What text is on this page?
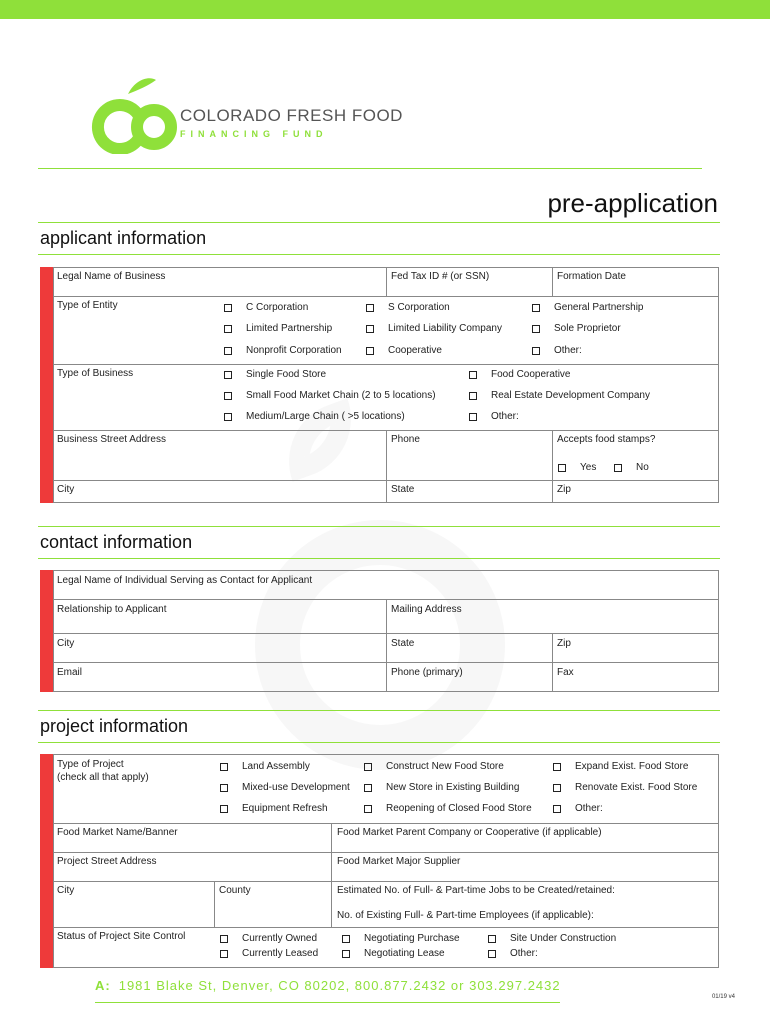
COLORADO FRESH FOOD
FINANCING FUND
pre-application
applicant information
Legal Name of Business	Fed Tax ID # (or SSN)	Formation Date
Type of Entity	C Corporation	S Corporation	General Partnership
Limited Partnership	Limited Liability Company	Sole Proprietor
Nonprofit Corporation	Cooperative	Other:
Type of Business	Single Food Store	Food Cooperative
Small Food Market Chain (2 to 5 locations)	Real Estate Development Company
Medium/Large Chain ( >5 locations)	Other:
Business Street Address	Phone	Accepts food stamps?
Yes	No
City	State	Zip
contact information
Legal Name of Individual Serving as Contact for Applicant
Relationship to Applicant	Mailing Address
City	State	Zip
Email	Phone (primary)	Fax
project information
Type of Project
(check all that apply)
Land Assembly	Construct New Food Store	Expand Exist. Food Store
Mixed-use Development	New Store in Existing Building	Renovate Exist. Food Store
Equipment Refresh	Reopening of Closed Food Store	Other:
Food Market Name/Banner	Food Market Parent Company or Cooperative (if applicable)
Project Street Address	Food Market Major Supplier
City	County	Estimated No. of Full- & Part-time Jobs to be Created/retained:
No. of Existing Full- & Part-time Employees (if applicable):
Status of Project Site Control	Currently Owned	Negotiating Purchase	Site Under Construction
Currently Leased	Negotiating Lease	Other:
A: 1981 Blake St, Denver, CO 80202, 800.877.2432 or 303.297.2432
01/19 v4
